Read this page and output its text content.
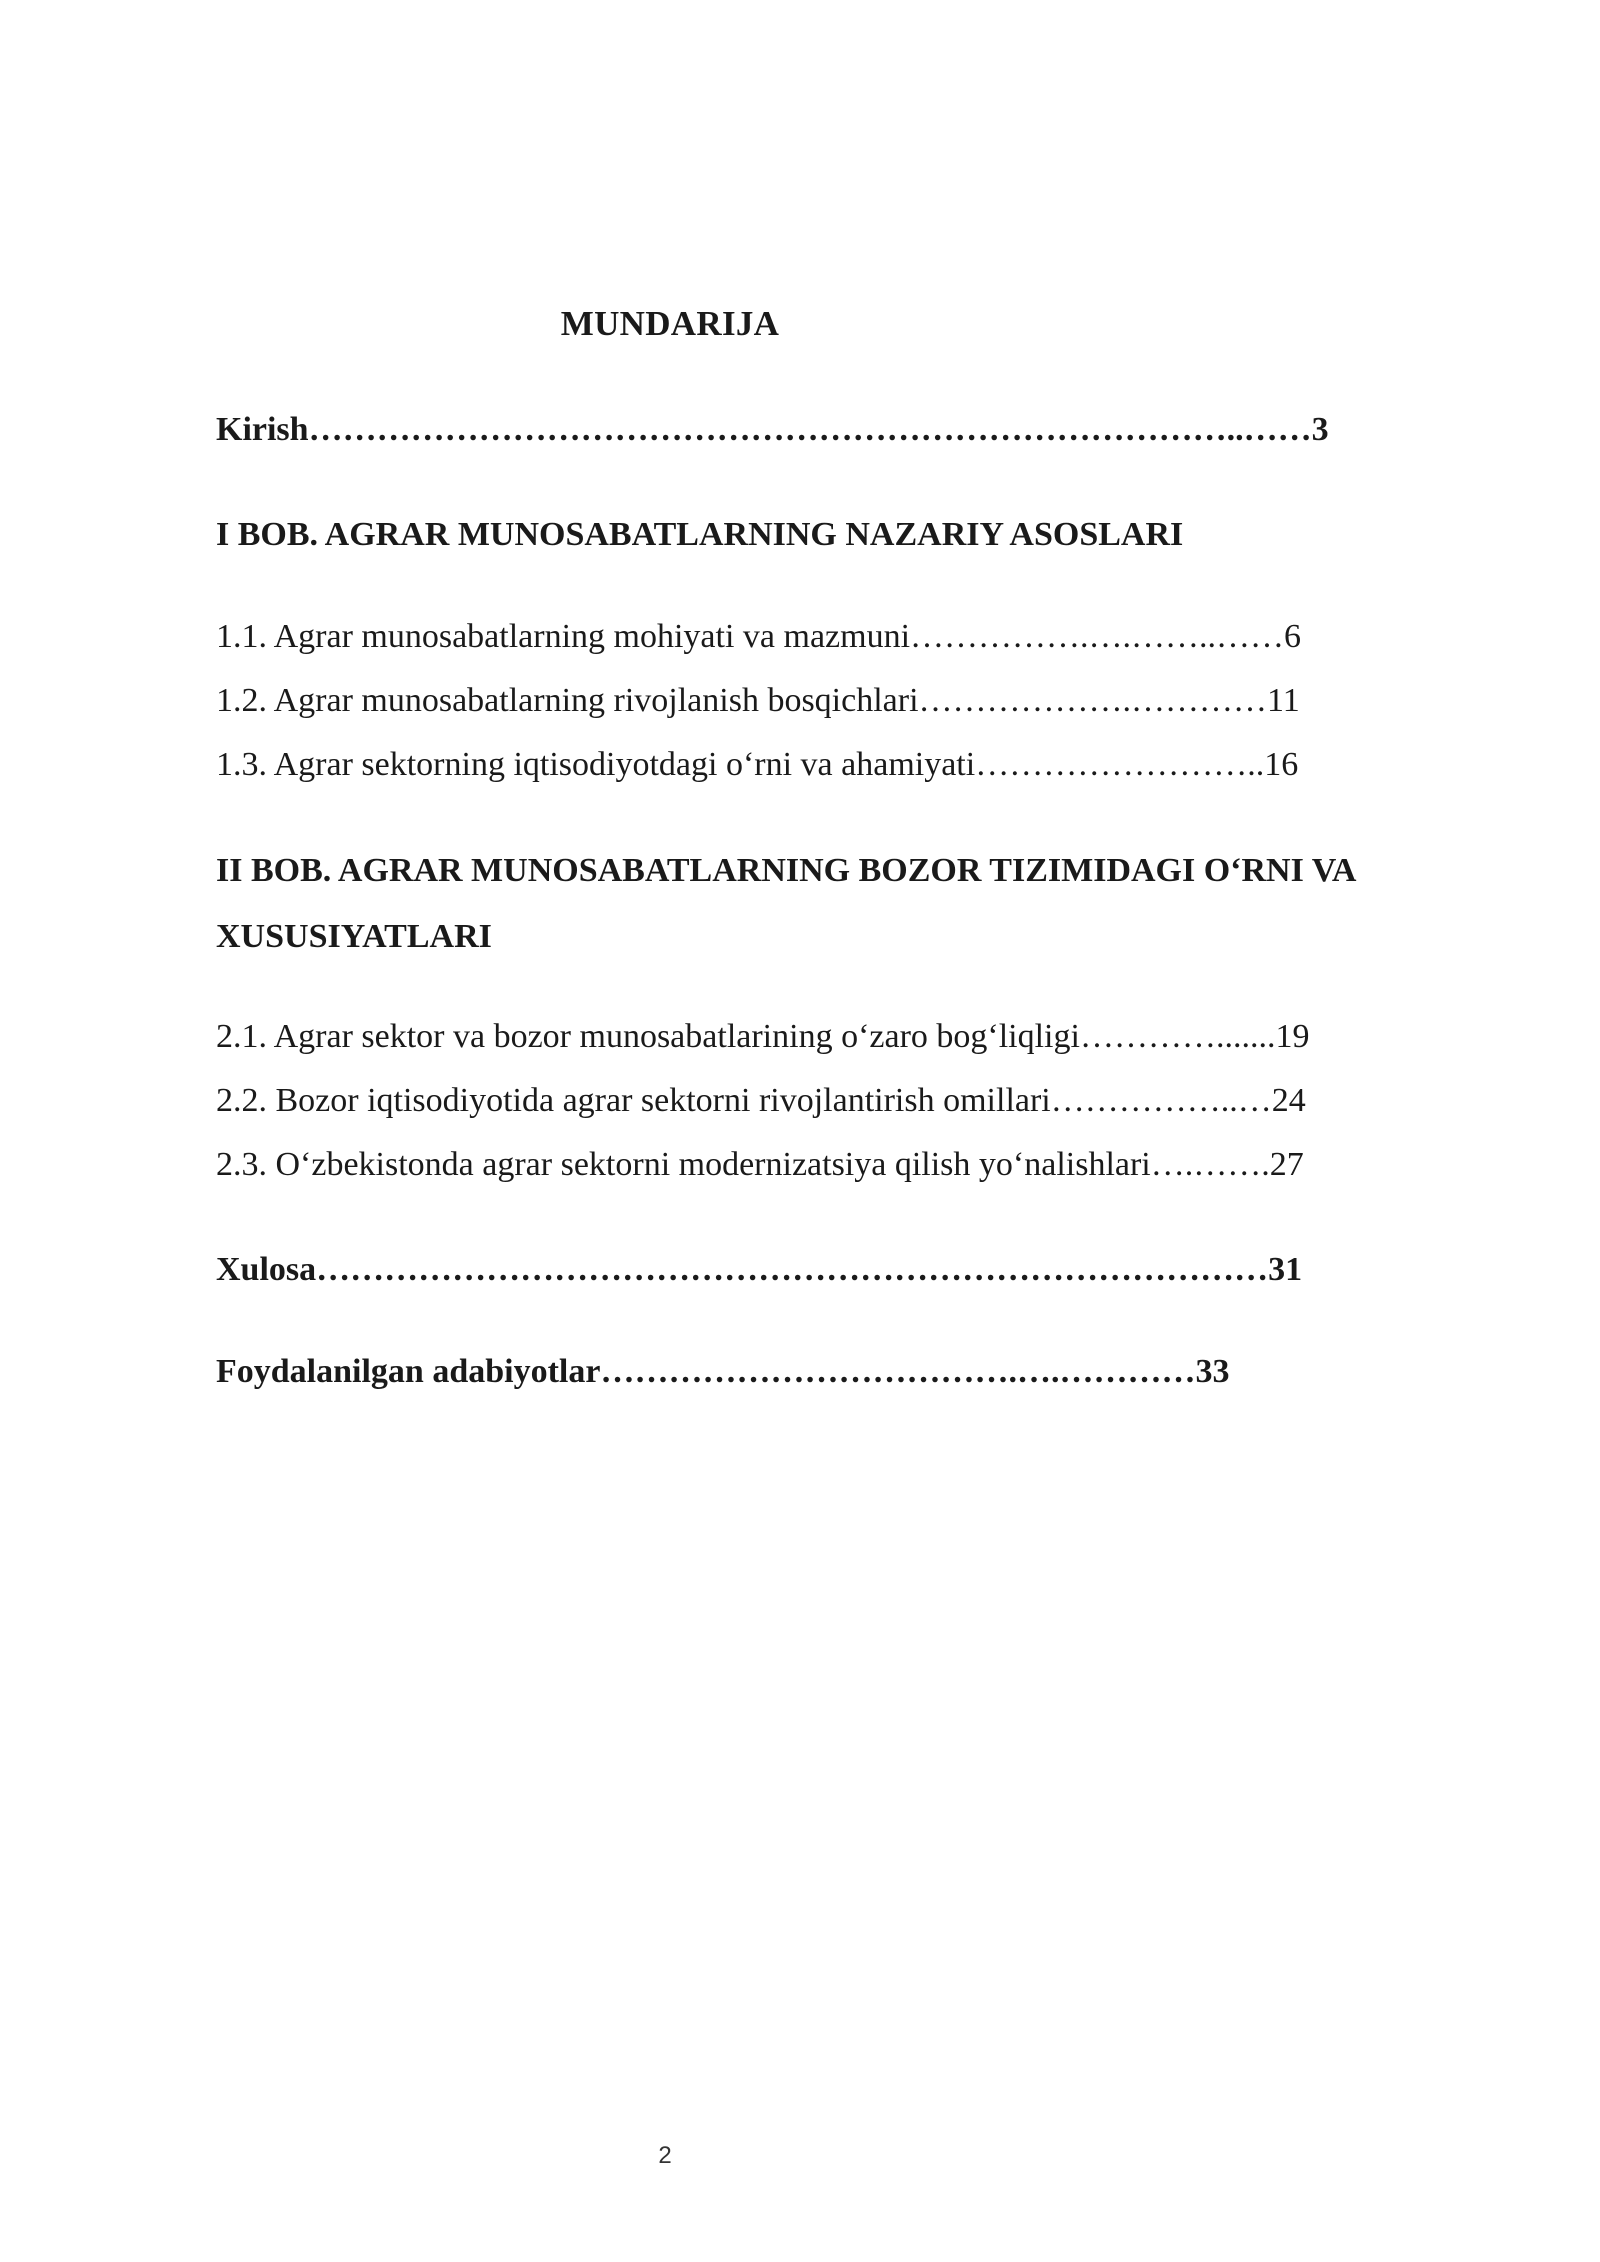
MUNDARIJA
Kirish………………………………………………………………………..……3
I BOB. AGRAR MUNOSABATLARNING NAZARIY ASOSLARI
1.1. Agrar munosabatlarning mohiyati va mazmuni…………….….……..……6
1.2. Agrar munosabatlarning rivojlanish bosqichlari……………….…………11
1.3. Agrar sektorning iqtisodiyotdagi o‘rni va ahamiyati……………………..16
II BOB. AGRAR MUNOSABATLARNING BOZOR TIZIMIDAGI O‘RNI VA XUSUSIYATLARI
2.1. Agrar sektor va bozor munosabatlarining o‘zaro bog‘liqligi………….......19
2.2. Bozor iqtisodiyotida agrar sektorni rivojlantirish omillari……………..…24
2.3. O‘zbekistonda agrar sektorni modernizatsiya qilish yo‘nalishlari….…….27
Xulosa…………………………………………………………………………31
Foydalanilgan adabiyotlar……………………………….….…………33
2
